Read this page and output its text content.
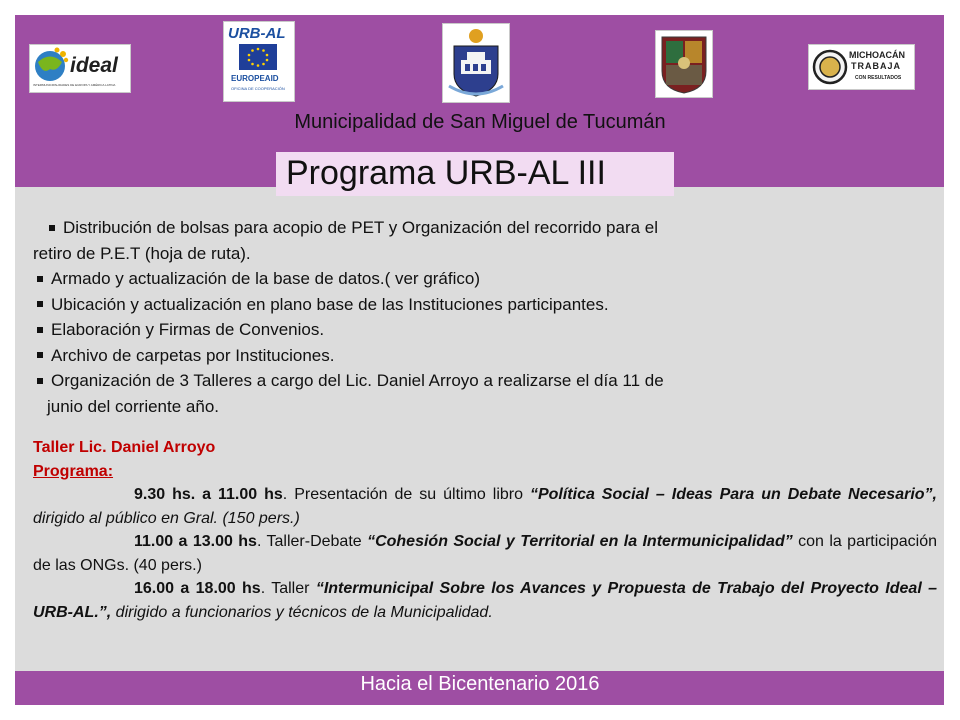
ideal
INTERMUNICIPALIDADES DE EUROPA Y AMÉRICA LATINA
URB-AL
EUROPEAID
OFICINA DE COOPERACIÓN
MICHOACÁN
TRABAJA
CON RESULTADOS
Municipalidad de San Miguel de Tucumán
Programa URB-AL III

Distribución de bolsas para acopio de PET y Organización del recorrido para el

retiro de P.E.T (hoja de ruta).

Armado y actualización de la base de datos.( ver gráfico)

Ubicación y actualización en plano base de las Instituciones participantes.

Elaboración y Firmas de Convenios.

Archivo de carpetas por Instituciones.

Organización de 3 Talleres a cargo del Lic. Daniel Arroyo a realizarse el día 11 de

junio del corriente año.

Taller Lic. Daniel Arroyo

Programa:

9.30 hs. a 11.00 hs. Presentación de su último libro “Política Social – Ideas Para un Debate Necesario”, dirigido al público en Gral. (150 pers.)

11.00 a 13.00 hs. Taller-Debate “Cohesión Social y Territorial en la Intermunicipalidad” con la participación de las ONGs. (40 pers.)

16.00 a 18.00 hs. Taller “Intermunicipal Sobre los Avances y Propuesta de Trabajo del Proyecto Ideal – URB-AL.”, dirigido a funcionarios y técnicos de la Municipalidad.

Hacia el Bicentenario 2016
